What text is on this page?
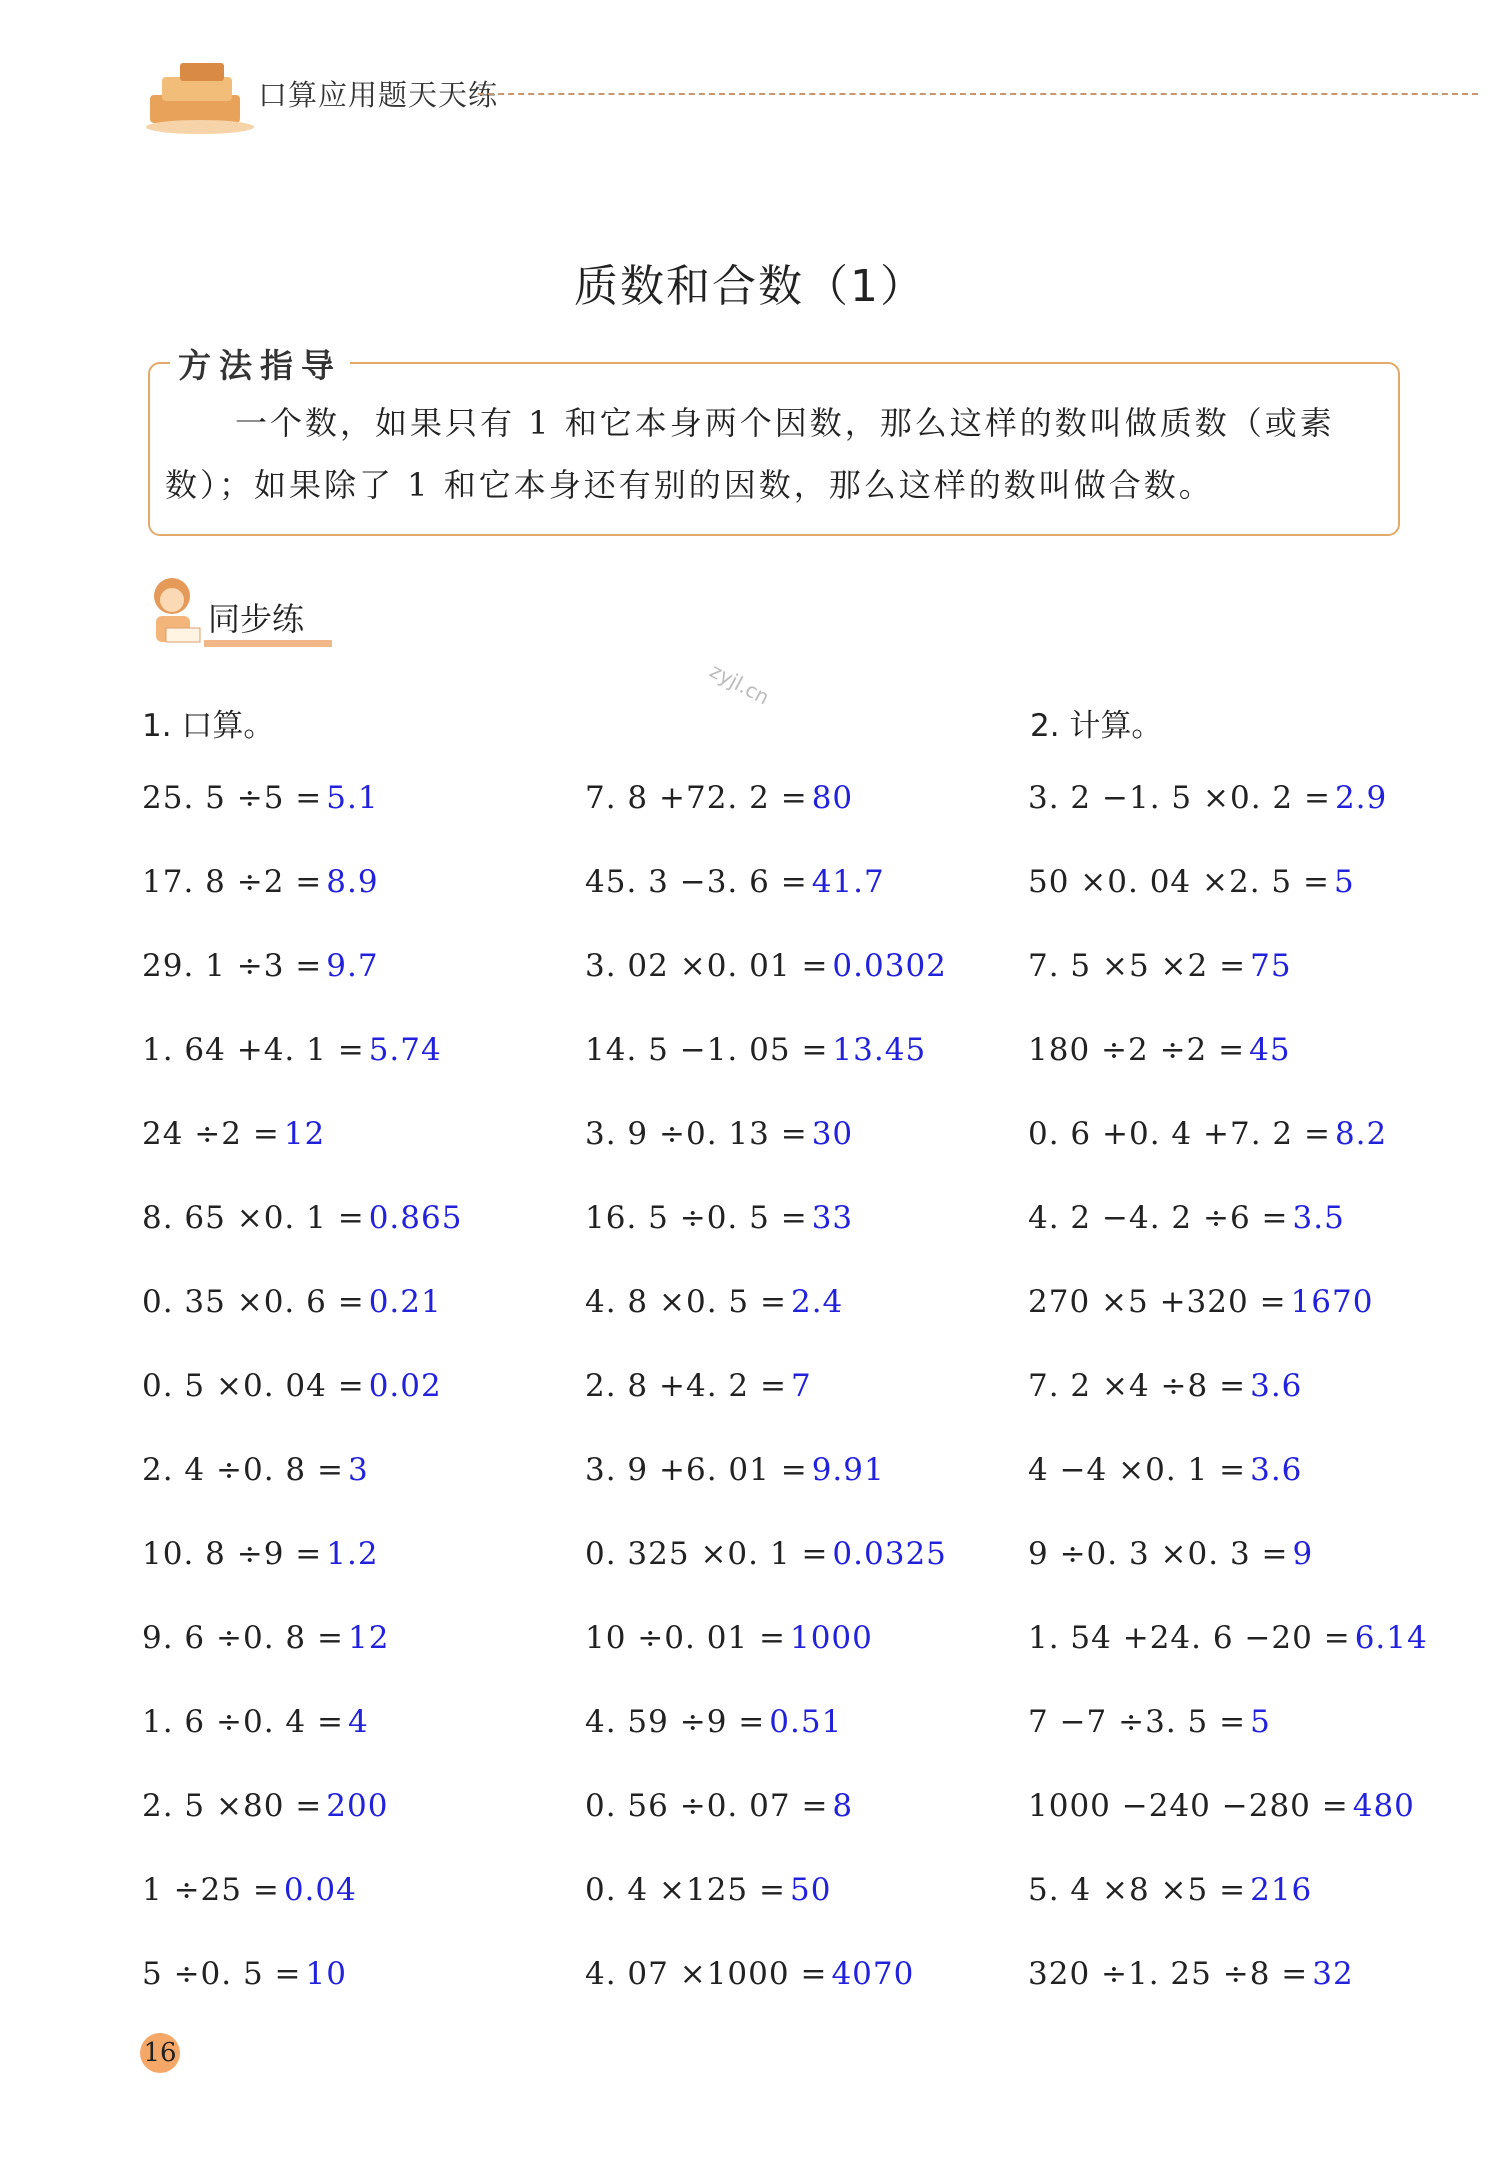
口算应用题天天练
质数和合数（1）
方法指导
一个数，如果只有 1 和它本身两个因数，那么这样的数叫做质数（或素数）；如果除了 1 和它本身还有别的因数，那么这样的数叫做合数。
同步练
zyjl.cn
1. 口算。	2. 计算。
25. 5 ÷5 = 5.1
17. 8 ÷2 = 8.9
29. 1 ÷3 = 9.7
1. 64 +4. 1 = 5.74
24 ÷2 = 12
8. 65 ×0. 1 = 0.865
0. 35 ×0. 6 = 0.21
0. 5 ×0. 04 = 0.02
2. 4 ÷0. 8 = 3
10. 8 ÷9 = 1.2
9. 6 ÷0. 8 = 12
1. 6 ÷0. 4 = 4
2. 5 ×80 = 200
1 ÷25 = 0.04
5 ÷0. 5 = 10
7. 8 +72. 2 = 80
45. 3 −3. 6 = 41.7
3. 02 ×0. 01 = 0.0302
14. 5 −1. 05 = 13.45
3. 9 ÷0. 13 = 30
16. 5 ÷0. 5 = 33
4. 8 ×0. 5 = 2.4
2. 8 +4. 2 = 7
3. 9 +6. 01 = 9.91
0. 325 ×0. 1 = 0.0325
10 ÷0. 01 = 1000
4. 59 ÷9 = 0.51
0. 56 ÷0. 07 = 8
0. 4 ×125 = 50
4. 07 ×1000 = 4070
3. 2 −1. 5 ×0. 2 = 2.9
50 ×0. 04 ×2. 5 = 5
7. 5 ×5 ×2 = 75
180 ÷2 ÷2 = 45
0. 6 +0. 4 +7. 2 = 8.2
4. 2 −4. 2 ÷6 = 3.5
270 ×5 +320 = 1670
7. 2 ×4 ÷8 = 3.6
4 −4 ×0. 1 = 3.6
9 ÷0. 3 ×0. 3 = 9
1. 54 +24. 6 −20 = 6.14
7 −7 ÷3. 5 = 5
1000 −240 −280 = 480
5. 4 ×8 ×5 = 216
320 ÷1. 25 ÷8 = 32
16
